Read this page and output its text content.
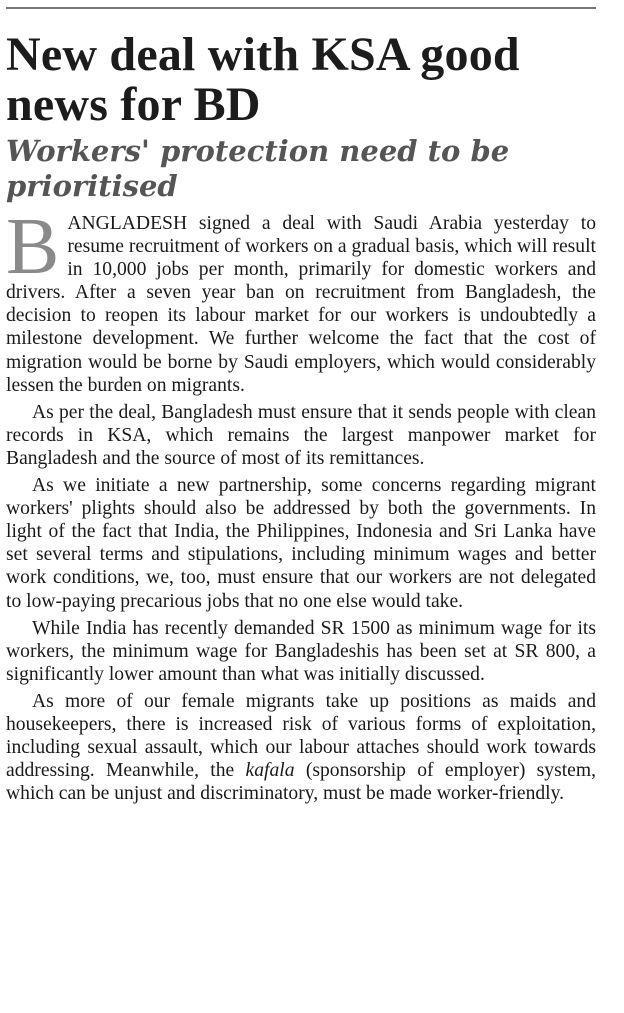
New deal with KSA good news for BD
Workers' protection need to be prioritised

BANGLADESH signed a deal with Saudi Arabia yesterday to resume recruitment of workers on a gradual basis, which will result in 10,000 jobs per month, primarily for domestic workers and drivers. After a seven year ban on recruitment from Bangladesh, the decision to reopen its labour market for our workers is undoubtedly a milestone development. We further welcome the fact that the cost of migration would be borne by Saudi employers, which would considerably lessen the burden on migrants.

As per the deal, Bangladesh must ensure that it sends people with clean records in KSA, which remains the largest manpower market for Bangladesh and the source of most of its remittances.

As we initiate a new partnership, some concerns regarding migrant workers' plights should also be addressed by both the governments. In light of the fact that India, the Philippines, Indonesia and Sri Lanka have set several terms and stipulations, including minimum wages and better work conditions, we, too, must ensure that our workers are not delegated to low-paying precarious jobs that no one else would take.

While India has recently demanded SR 1500 as minimum wage for its workers, the minimum wage for Bangladeshis has been set at SR 800, a significantly lower amount than what was initially discussed.

As more of our female migrants take up positions as maids and housekeepers, there is increased risk of various forms of exploitation, including sexual assault, which our labour attaches should work towards addressing. Meanwhile, the kafala (sponsorship of employer) system, which can be unjust and discriminatory, must be made worker-friendly.
